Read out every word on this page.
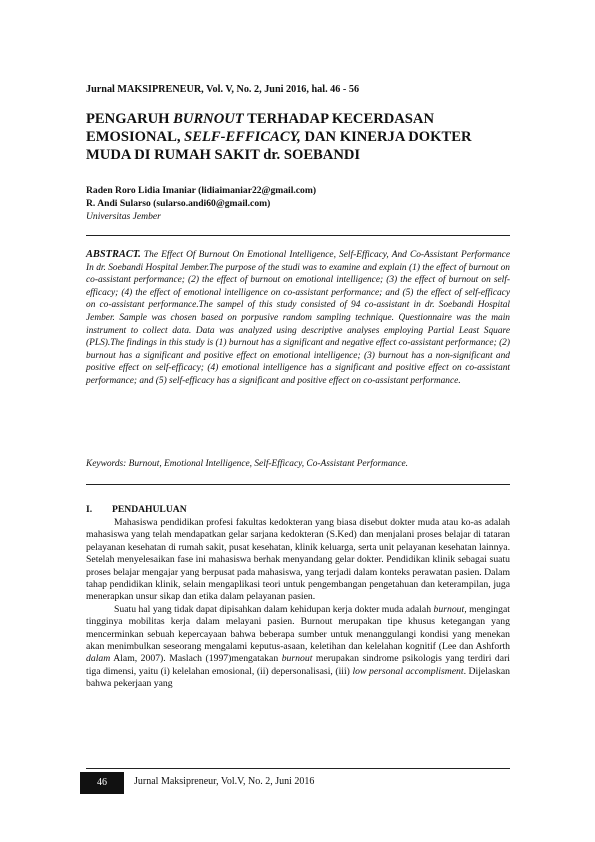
Jurnal MAKSIPRENEUR, Vol. V, No. 2, Juni 2016, hal. 46 - 56
PENGARUH BURNOUT TERHADAP KECERDASAN EMOSIONAL, SELF-EFFICACY, DAN KINERJA DOKTER MUDA DI RUMAH SAKIT dr. SOEBANDI
Raden Roro Lidia Imaniar (lidiaimaniar22@gmail.com)
R. Andi Sularso (sularso.andi60@gmail.com)
Universitas Jember
ABSTRACT. The Effect Of Burnout On Emotional Intelligence, Self-Efficacy, And Co-Assistant Performance In dr. Soebandi Hospital Jember.The purpose of the studi was to examine and explain (1) the effect of burnout on co-assistant performance; (2) the effect of burnout on emotional intelligence; (3) the effect of burnout on self-efficacy; (4) the effect of emotional intelligence on co-assistant performance; and (5) the effect of self-efficacy on co-assistant performance.The sampel of this study consisted of 94 co-assistant in dr. Soebandi Hospital Jember. Sample was chosen based on porpusive random sampling technique. Questionnaire was the main instrument to collect data. Data was analyzed using descriptive analyses employing Partial Least Square (PLS).The findings in this study is (1) burnout has a significant and negative effect co-assistant performance; (2) burnout has a significant and positive effect on emotional intelligence; (3) burnout has a non-significant and positive effect on self-efficacy; (4) emotional intelligence has a significant and positive effect on co-assistant performance; and (5) self-efficacy has a significant and positive effect on co-assistant performance.
Keywords: Burnout, Emotional Intelligence, Self-Efficacy, Co-Assistant Performance.
I. PENDAHULUAN

Mahasiswa pendidikan profesi fakultas kedokteran yang biasa disebut dokter muda atau ko-as adalah mahasiswa yang telah mendapatkan gelar sarjana kedokteran (S.Ked) dan menjalani proses belajar di tataran pelayanan kesehatan di rumah sakit, pusat kesehatan, klinik keluarga, serta unit pelayanan kesehatan lainnya. Setelah menyelesaikan fase ini mahasiswa berhak menyandang gelar dokter. Pendidikan klinik sebagai suatu proses belajar mengajar yang berpusat pada mahasiswa, yang terjadi dalam konteks perawatan pasien. Dalam tahap pendidikan klinik, selain mengaplikasi teori untuk pengembangan pengetahuan dan keterampilan, juga menerapkan unsur sikap dan etika dalam pelayanan pasien.

Suatu hal yang tidak dapat dipisahkan dalam kehidupan kerja dokter muda adalah burnout, mengingat tingginya mobilitas kerja dalam melayani pasien. Burnout merupakan tipe khusus ketegangan yang mencerminkan sebuah kepercayaan bahwa beberapa sumber untuk menanggulangi kondisi yang menekan akan menimbulkan seseorang mengalami keputus-asaan, keletihan dan kelelahan kognitif (Lee dan Ashforth dalam Alam, 2007). Maslach (1997)mengatakan burnout merupakan sindrome psikologis yang terdiri dari tiga dimensi, yaitu (i) kelelahan emosional, (ii) depersonalisasi, (iii) low personal accomplisment. Dijelaskan bahwa pekerjaan yang

46	Jurnal Maksipreneur, Vol.V, No. 2, Juni 2016
